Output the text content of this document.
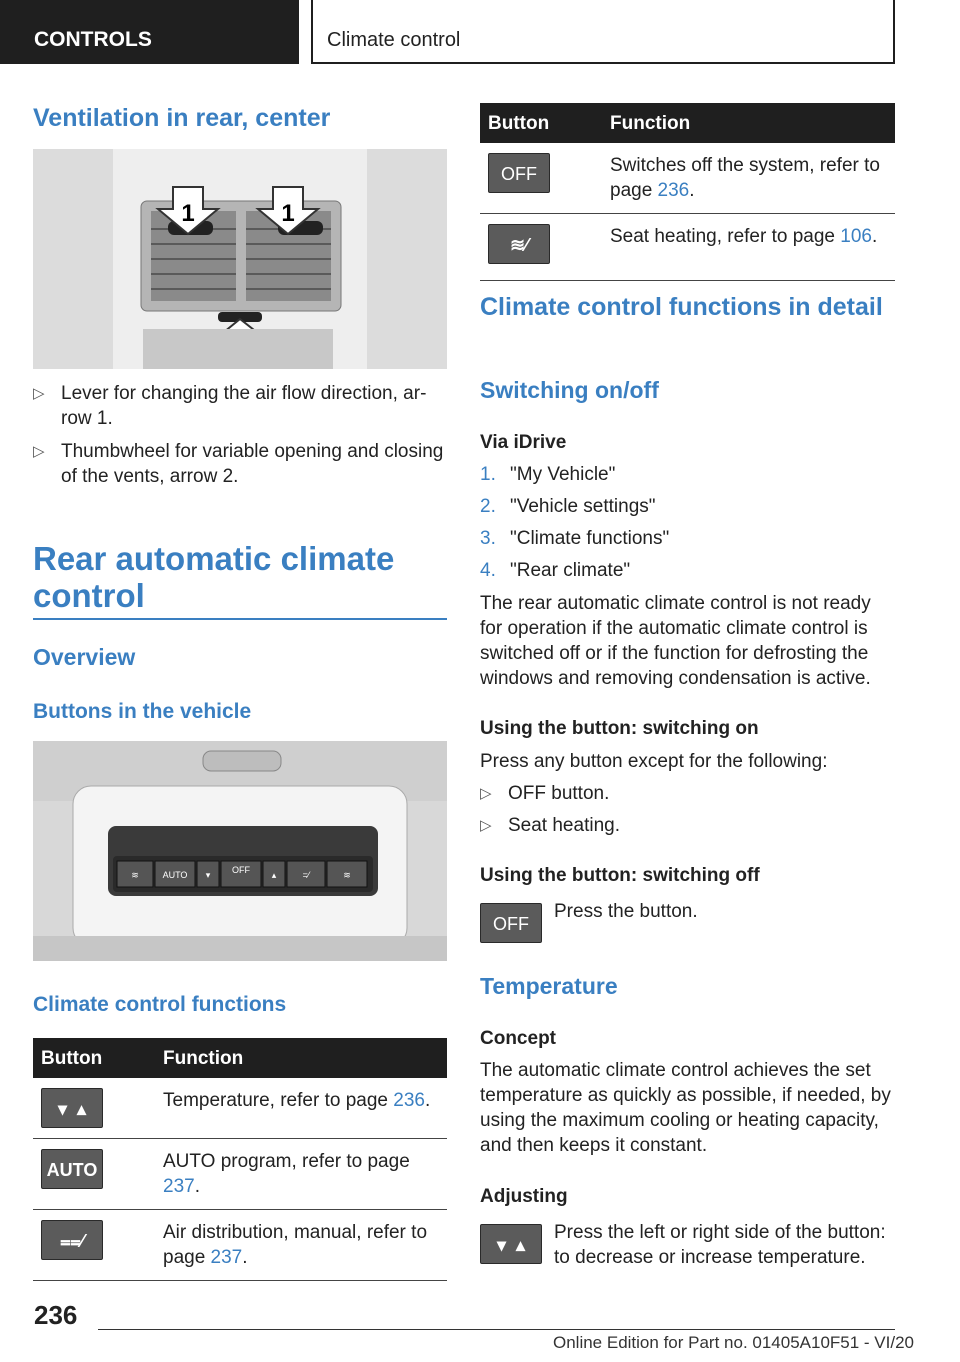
CONTROLS	Climate control
Ventilation in rear, center
1	1
▷ Lever for changing the air flow direction, ar-
row 1.
▷ Thumbwheel for variable opening and closing of the vents, arrow 2.
Rear automatic climate control
Overview
Buttons in the vehicle
AUTO	OFF
▾	▴	=⁄	≋
≋
Climate control functions
Button	Function
▾  ▴	Temperature, refer to page 236.
AUTO	AUTO program, refer to page 237.
⩵⁄	Air distribution, manual, refer to page 237.
Button	Function
OFF	Switches off the system, refer to page 236.
≋⁄	Seat heating, refer to page 106.
Climate control functions in detail
Switching on/off
Via iDrive
1. "My Vehicle"
2. "Vehicle settings"
3. "Climate functions"
4. "Rear climate"
The rear automatic climate control is not ready for operation if the automatic climate control is switched off or if the function for defrosting the windows and removing condensation is active.
Using the button: switching on
Press any button except for the following:
▷ OFF button.
▷ Seat heating.
Using the button: switching off
OFF
Press the button.
Temperature
Concept
The automatic climate control achieves the set temperature as quickly as possible, if needed, by using the maximum cooling or heating capacity, and then keeps it constant.
Adjusting
▾  ▴
Press the left or right side of the button: to decrease or increase temperature.
236
Online Edition for Part no. 01405A10F51 - VI/20
